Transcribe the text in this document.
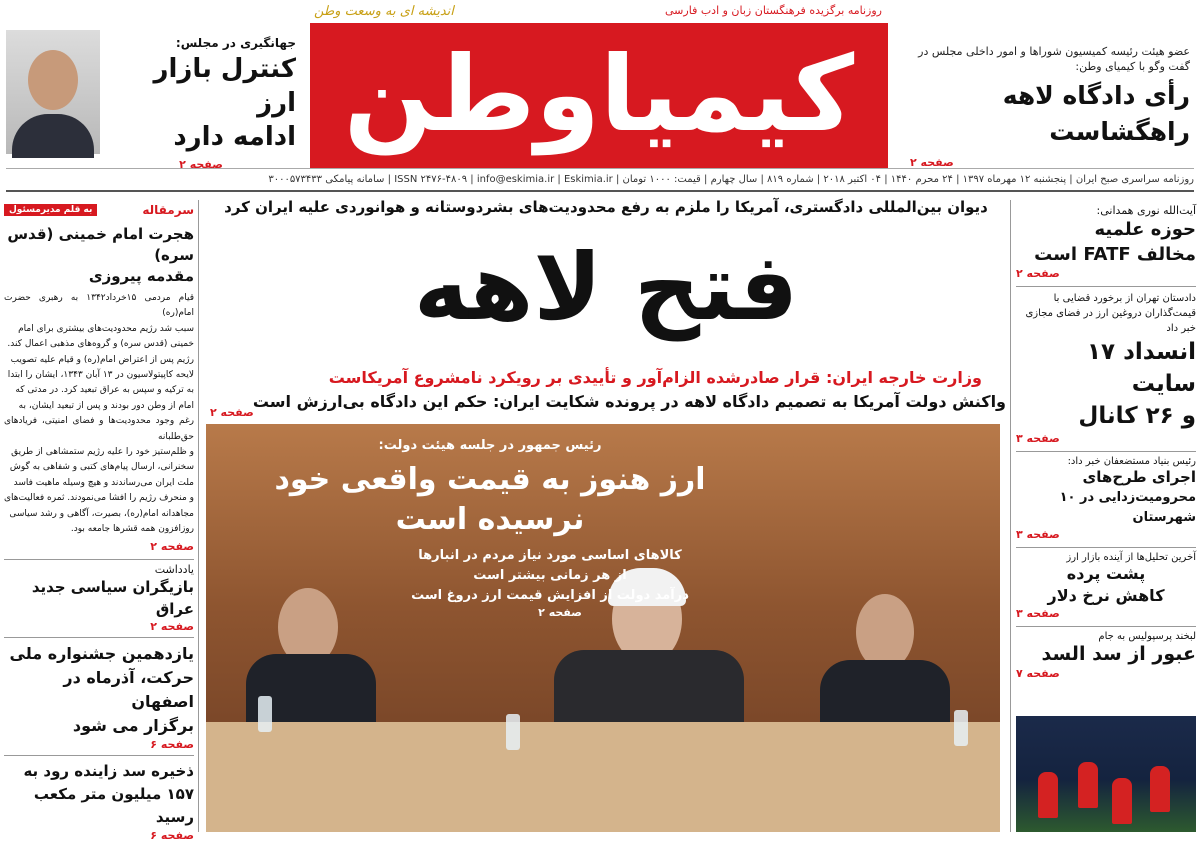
روزنامه برگزیده فرهنگستان زبان و ادب فارسی
اندیشه ای به وسعت وطن
کیمیاوطن	عضو هیئت رئیسه کمیسیون شوراها و امور داخلی مجلس در گفت وگو با کیمیای وطن:
رأی دادگاه لاهه راهگشاست
صفحه ۲
جهانگیری در مجلس:
کنترل بازار ارز
ادامه دارد
صفحه ۲
روزنامه سراسری صبح ایران | پنجشنبه ۱۲ مهرماه ۱۳۹۷ | ۲۴ محرم ۱۴۴۰ | ۰۴ اکتبر ۲۰۱۸ | شماره ۸۱۹ | سال چهارم | قیمت: ۱۰۰۰ تومان | ISSN ۲۴۷۶-۴۸۰۹ | info@eskimia.ir | Eskimia.ir | سامانه پیامکی ۳۰۰۰۵۷۳۴۳۳
دیوان بین‌المللی دادگستری، آمریکا را ملزم به رفع محدودیت‌های بشردوستانه و هوانوردی علیه ایران کرد
فتح لاهه
وزارت خارجه ایران: قرار صادرشده الزام‌آور و تأییدی بر رویکرد نامشروع آمریکاست
واکنش دولت آمریکا به تصمیم دادگاه لاهه در پرونده شکایت ایران: حکم این دادگاه بی‌ارزش است
صفحه ۲
رئیس جمهور در جلسه هیئت دولت:
ارز هنوز به قیمت واقعی خود
نرسیده است
کالاهای اساسی مورد نیاز مردم در انبارها
از هر زمانی بیشتر است
درآمد دولت از افزایش قیمت ارز دروغ است
صفحه ۲
سرمقاله
به قلم مدیرمسئول
هجرت امام خمینی (قدس سره)
مقدمه پیروزی
قیام مردمی ۱۵خرداد۱۳۴۲ به رهبری حضرت امام(ره)
سبب شد رژیم محدودیت‌های بیشتری برای امام
خمینی (قدس سره) و گروه‌های مذهبی اعمال کند.
رژیم پس از اعتراض امام(ره) و قیام علیه تصویب
لایحه کاپیتولاسیون در ۱۳ آبان ۱۳۴۳، ایشان را ابتدا
به ترکیه و سپس به عراق تبعید کرد. در مدتی که
امام از وطن دور بودند و پس از تبعید ایشان، به
رغم وجود محدودیت‌ها و فضای امنیتی، فریادهای حق‌طلبانه
و ظلم‌ستیز خود را علیه رژیم ستمشاهی از طریق
سخنرانی، ارسال پیام‌های کتبی و شفاهی به گوش
ملت ایران می‌رساندند و هیچ وسیله ماهیت فاسد
و منحرف رژیم را افشا می‌نمودند. ثمره فعالیت‌های
مجاهدانه امام(ره)، بصیرت، آگاهی و رشد سیاسی
روزافزون همه قشرها جامعه بود.
صفحه ۲
یادداشت
بازیگران سیاسی جدید عراق
صفحه ۲
یازدهمین جشنواره ملی
حرکت، آذرماه در اصفهان
برگزار می شود
صفحه ۶
ذخیره سد زاینده رود به
۱۵۷ میلیون متر مکعب رسید
صفحه ۶
آیت‌الله نوری همدانی:
حوزه علمیه
مخالف FATF است
صفحه ۲
دادستان تهران از برخورد قضایی با قیمت‌گذاران دروغین ارز در فضای مجازی خبر داد
انسداد ۱۷ سایت
و ۲۶ کانال
صفحه ۳
رئیس بنیاد مستضعفان خبر داد:
اجرای طرح‌های
محرومیت‌زدایی در ۱۰ شهرستان
صفحه ۳
آخرین تحلیل‌ها از آینده بازار ارز
پشت پرده
کاهش نرخ دلار
صفحه ۳
لبخند پرسپولیس به جام
عبور از سد السد
صفحه ۷
